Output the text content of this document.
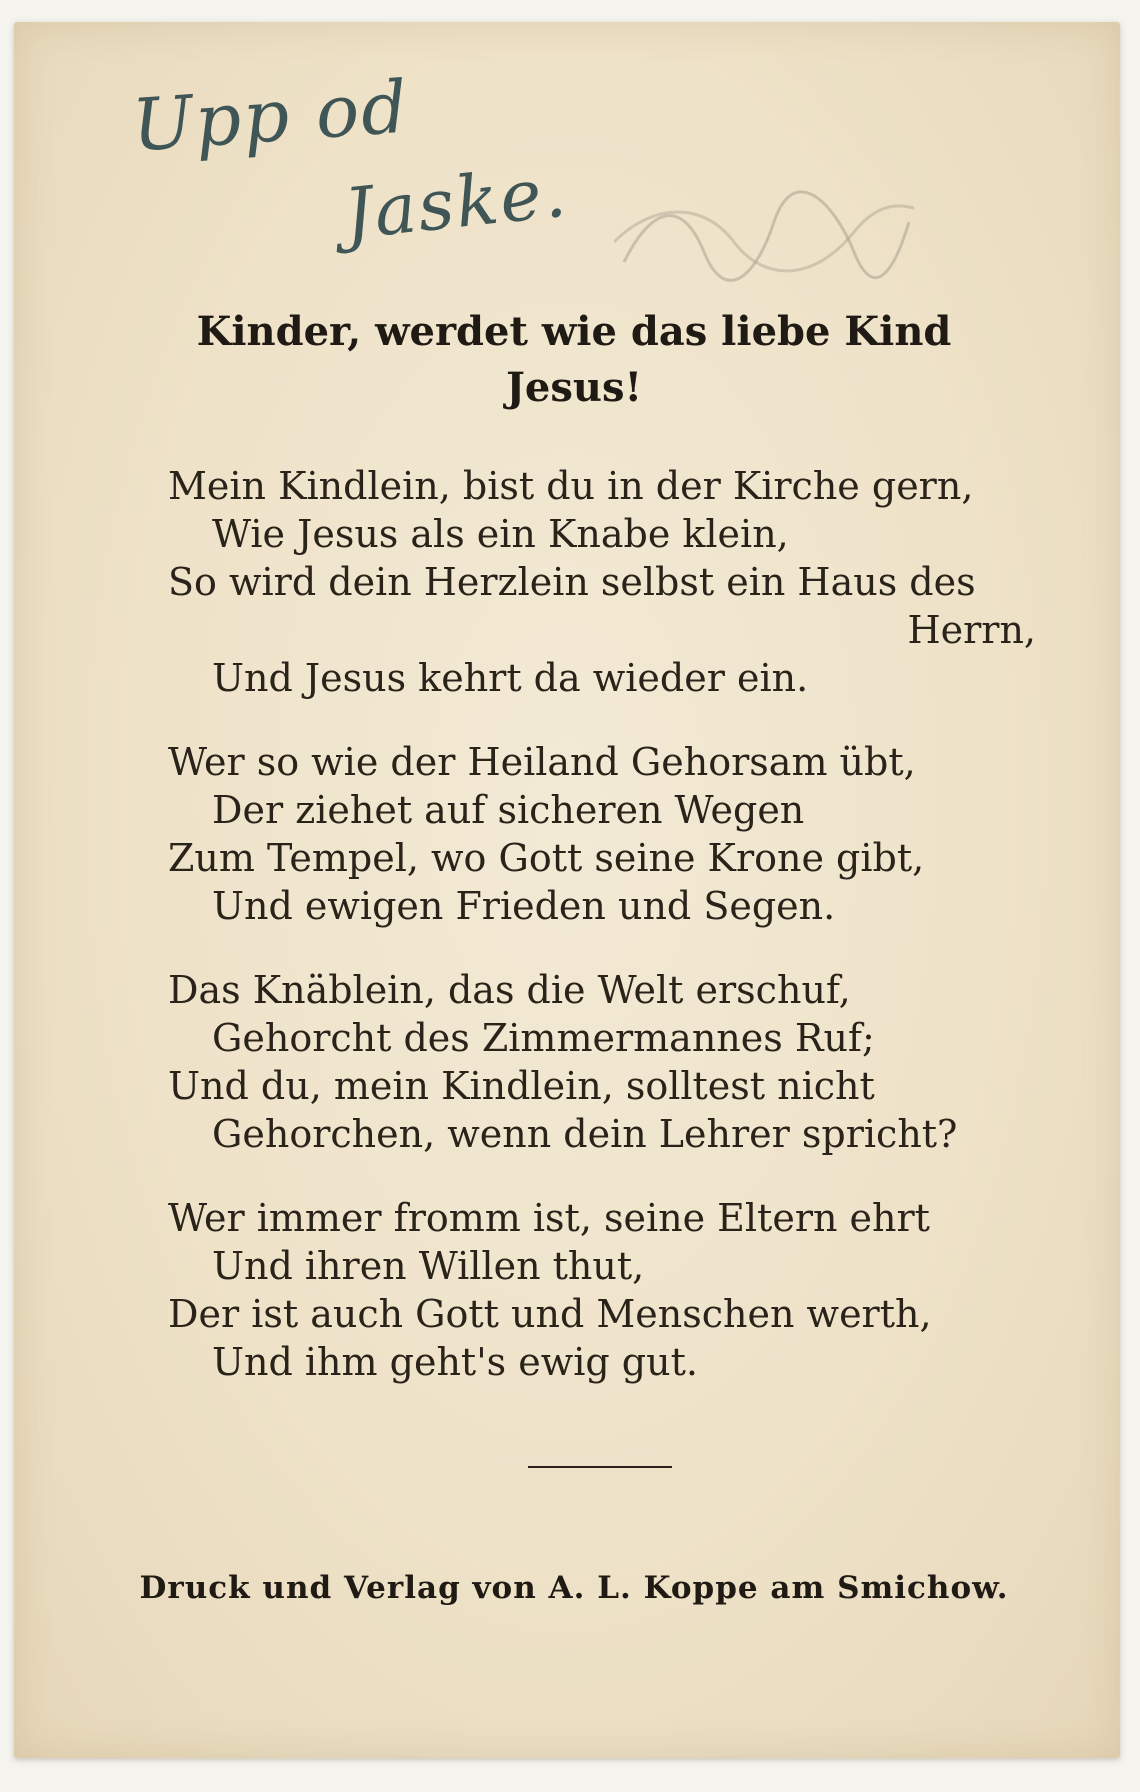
Upp od
Jaske.
Kinder, werdet wie das liebe Kind
Jesus!
Mein Kindlein, bist du in der Kirche gern,
Wie Jesus als ein Knabe klein,
So wird dein Herzlein selbst ein Haus des
Herrn,
Und Jesus kehrt da wieder ein.
Wer so wie der Heiland Gehorsam übt,
Der ziehet auf sicheren Wegen
Zum Tempel, wo Gott seine Krone gibt,
Und ewigen Frieden und Segen.
Das Knäblein, das die Welt erschuf,
Gehorcht des Zimmermannes Ruf;
Und du, mein Kindlein, solltest nicht
Gehorchen, wenn dein Lehrer spricht?
Wer immer fromm ist, seine Eltern ehrt
Und ihren Willen thut,
Der ist auch Gott und Menschen werth,
Und ihm geht's ewig gut.
Druck und Verlag von A. L. Koppe am Smichow.
